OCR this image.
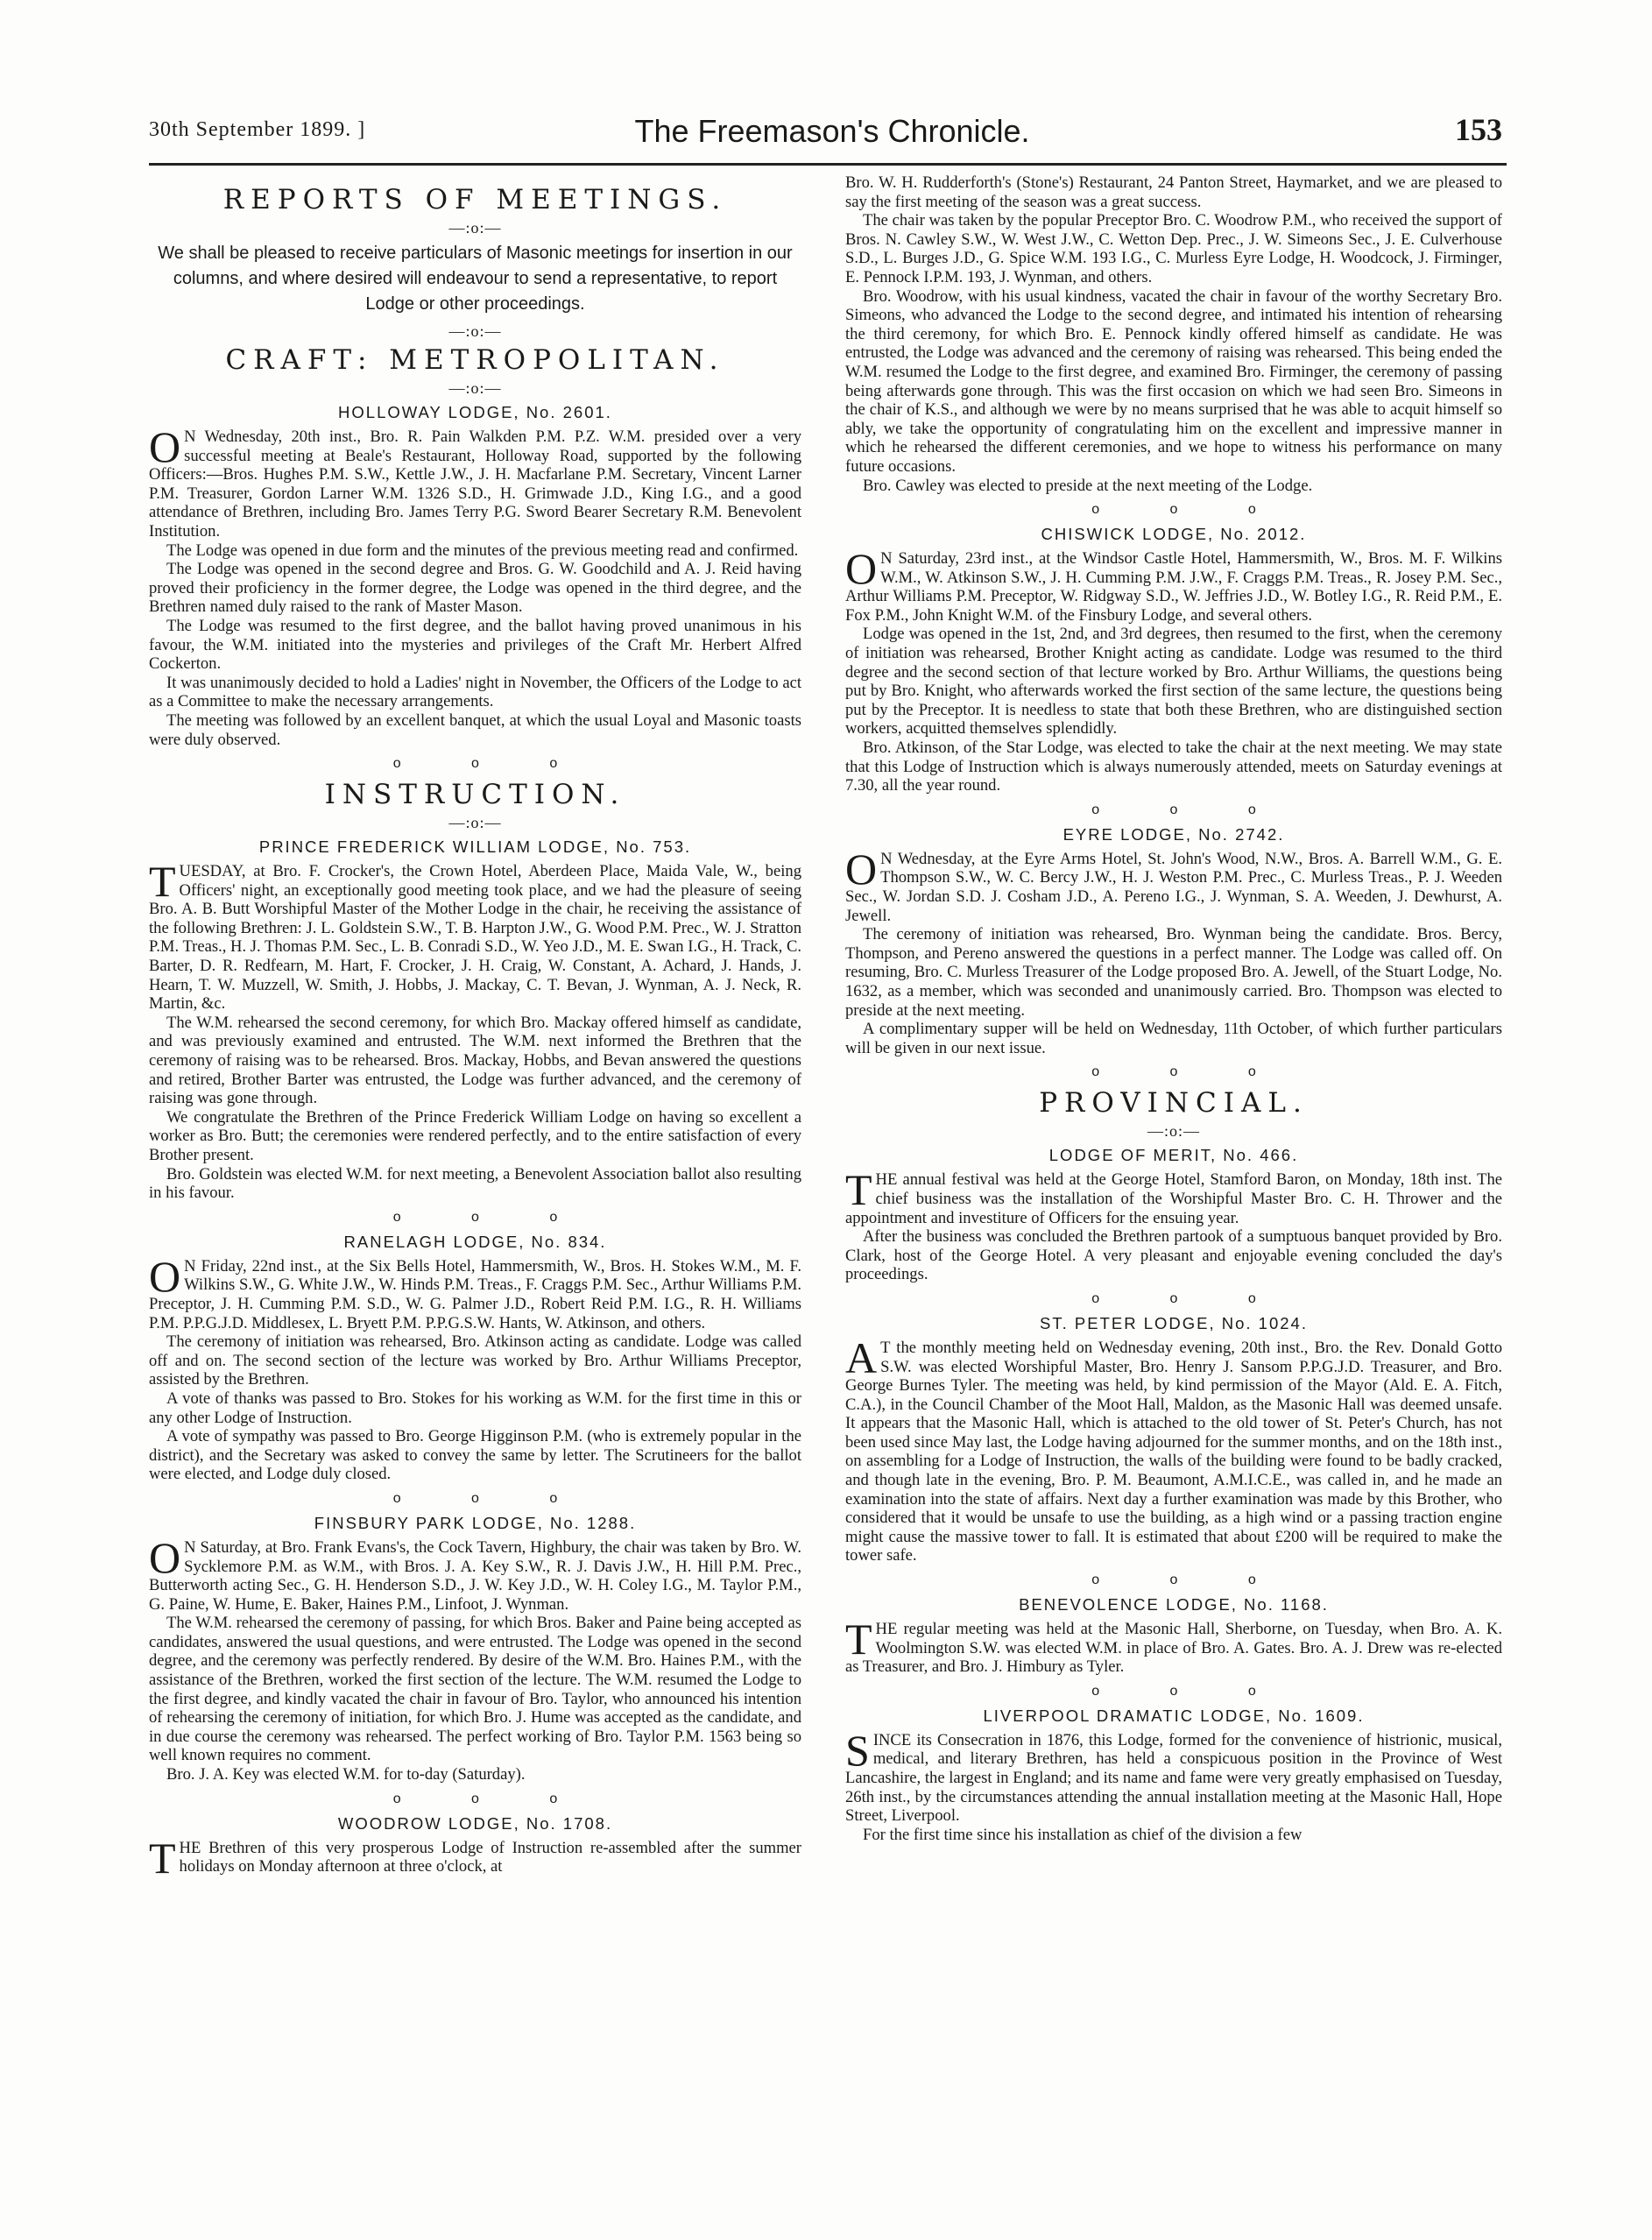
30th September 1899. ]	The Freemason's Chronicle.	153
REPORTS OF MEETINGS.
—:o:—
We shall be pleased to receive particulars of Masonic meetings for insertion in our columns, and where desired will endeavour to send a representative, to report Lodge or other proceedings.
—:o:—
CRAFT: METROPOLITAN.
—:o:—
HOLLOWAY LODGE, No. 2601.

O N Wednesday, 20th inst., Bro. R. Pain Walkden P.M. P.Z. W.M. presided over a very successful meeting at Beale's Restaurant, Holloway Road, supported by the following Officers:—Bros. Hughes P.M. S.W., Kettle J.W., J. H. Macfarlane P.M. Secretary, Vincent Larner P.M. Treasurer, Gordon Larner W.M. 1326 S.D., H. Grimwade J.D., King I.G., and a good attendance of Brethren, including Bro. James Terry P.G. Sword Bearer Secretary R.M. Benevolent Institution.

The Lodge was opened in due form and the minutes of the previous meeting read and confirmed.

The Lodge was opened in the second degree and Bros. G. W. Goodchild and A. J. Reid having proved their proficiency in the former degree, the Lodge was opened in the third degree, and the Brethren named duly raised to the rank of Master Mason.

The Lodge was resumed to the first degree, and the ballot having proved unanimous in his favour, the W.M. initiated into the mysteries and privileges of the Craft Mr. Herbert Alfred Cockerton.

It was unanimously decided to hold a Ladies' night in November, the Officers of the Lodge to act as a Committee to make the necessary arrangements.

The meeting was followed by an excellent banquet, at which the usual Loyal and Masonic toasts were duly observed.

o o o
INSTRUCTION.
—:o:—
PRINCE FREDERICK WILLIAM LODGE, No. 753.

TUESDAY, at Bro. F. Crocker's, the Crown Hotel, Aberdeen Place, Maida Vale, W., being Officers' night, an exceptionally good meeting took place, and we had the pleasure of seeing Bro. A. B. Butt Worshipful Master of the Mother Lodge in the chair, he receiving the assistance of the following Brethren: J. L. Goldstein S.W., T. B. Harpton J.W., G. Wood P.M. Prec., W. J. Stratton P.M. Treas., H. J. Thomas P.M. Sec., L. B. Conradi S.D., W. Yeo J.D., M. E. Swan I.G., H. Track, C. Barter, D. R. Redfearn, M. Hart, F. Crocker, J. H. Craig, W. Constant, A. Achard, J. Hands, J. Hearn, T. W. Muzzell, W. Smith, J. Hobbs, J. Mackay, C. T. Bevan, J. Wynman, A. J. Neck, R. Martin, &c.

The W.M. rehearsed the second ceremony, for which Bro. Mackay offered himself as candidate, and was previously examined and entrusted. The W.M. next informed the Brethren that the ceremony of raising was to be rehearsed. Bros. Mackay, Hobbs, and Bevan answered the questions and retired, Brother Barter was entrusted, the Lodge was further advanced, and the ceremony of raising was gone through.

We congratulate the Brethren of the Prince Frederick William Lodge on having so excellent a worker as Bro. Butt; the ceremonies were rendered perfectly, and to the entire satisfaction of every Brother present.

Bro. Goldstein was elected W.M. for next meeting, a Benevolent Association ballot also resulting in his favour.

o o o
RANELAGH LODGE, No. 834.

O N Friday, 22nd inst., at the Six Bells Hotel, Hammersmith, W., Bros. H. Stokes W.M., M. F. Wilkins S.W., G. White J.W., W. Hinds P.M. Treas., F. Craggs P.M. Sec., Arthur Williams P.M. Preceptor, J. H. Cumming P.M. S.D., W. G. Palmer J.D., Robert Reid P.M. I.G., R. H. Williams P.M. P.P.G.J.D. Middlesex, L. Bryett P.M. P.P.G.S.W. Hants, W. Atkinson, and others.

The ceremony of initiation was rehearsed, Bro. Atkinson acting as candidate. Lodge was called off and on. The second section of the lecture was worked by Bro. Arthur Williams Preceptor, assisted by the Brethren.

A vote of thanks was passed to Bro. Stokes for his working as W.M. for the first time in this or any other Lodge of Instruction.

A vote of sympathy was passed to Bro. George Higginson P.M. (who is extremely popular in the district), and the Secretary was asked to convey the same by letter. The Scrutineers for the ballot were elected, and Lodge duly closed.

o o o
FINSBURY PARK LODGE, No. 1288.

O N Saturday, at Bro. Frank Evans's, the Cock Tavern, Highbury, the chair was taken by Bro. W. Sycklemore P.M. as W.M., with Bros. J. A. Key S.W., R. J. Davis J.W., H. Hill P.M. Prec., Butterworth acting Sec., G. H. Henderson S.D., J. W. Key J.D., W. H. Coley I.G., M. Taylor P.M., G. Paine, W. Hume, E. Baker, Haines P.M., Linfoot, J. Wynman.

The W.M. rehearsed the ceremony of passing, for which Bros. Baker and Paine being accepted as candidates, answered the usual questions, and were entrusted. The Lodge was opened in the second degree, and the ceremony was perfectly rendered. By desire of the W.M. Bro. Haines P.M., with the assistance of the Brethren, worked the first section of the lecture. The W.M. resumed the Lodge to the first degree, and kindly vacated the chair in favour of Bro. Taylor, who announced his intention of rehearsing the ceremony of initiation, for which Bro. J. Hume was accepted as the candidate, and in due course the ceremony was rehearsed. The perfect working of Bro. Taylor P.M. 1563 being so well known requires no comment.

Bro. J. A. Key was elected W.M. for to-day (Saturday).

o o o
WOODROW LODGE, No. 1708.

THE Brethren of this very prosperous Lodge of Instruction re-assembled after the summer holidays on Monday afternoon at three o'clock, at

Bro. W. H. Rudderforth's (Stone's) Restaurant, 24 Panton Street, Haymarket, and we are pleased to say the first meeting of the season was a great success.

The chair was taken by the popular Preceptor Bro. C. Woodrow P.M., who received the support of Bros. N. Cawley S.W., W. West J.W., C. Wetton Dep. Prec., J. W. Simeons Sec., J. E. Culverhouse S.D., L. Burges J.D., G. Spice W.M. 193 I.G., C. Murless Eyre Lodge, H. Woodcock, J. Firminger, E. Pennock I.P.M. 193, J. Wynman, and others.

Bro. Woodrow, with his usual kindness, vacated the chair in favour of the worthy Secretary Bro. Simeons, who advanced the Lodge to the second degree, and intimated his intention of rehearsing the third ceremony, for which Bro. E. Pennock kindly offered himself as candidate. He was entrusted, the Lodge was advanced and the ceremony of raising was rehearsed. This being ended the W.M. resumed the Lodge to the first degree, and examined Bro. Firminger, the ceremony of passing being afterwards gone through. This was the first occasion on which we had seen Bro. Simeons in the chair of K.S., and although we were by no means surprised that he was able to acquit himself so ably, we take the opportunity of congratulating him on the excellent and impressive manner in which he rehearsed the different ceremonies, and we hope to witness his performance on many future occasions.

Bro. Cawley was elected to preside at the next meeting of the Lodge.

o o o
CHISWICK LODGE, No. 2012.

O N Saturday, 23rd inst., at the Windsor Castle Hotel, Hammersmith, W., Bros. M. F. Wilkins W.M., W. Atkinson S.W., J. H. Cumming P.M. J.W., F. Craggs P.M. Treas., R. Josey P.M. Sec., Arthur Williams P.M. Preceptor, W. Ridgway S.D., W. Jeffries J.D., W. Botley I.G., R. Reid P.M., E. Fox P.M., John Knight W.M. of the Finsbury Lodge, and several others.

Lodge was opened in the 1st, 2nd, and 3rd degrees, then resumed to the first, when the ceremony of initiation was rehearsed, Brother Knight acting as candidate. Lodge was resumed to the third degree and the second section of that lecture worked by Bro. Arthur Williams, the questions being put by Bro. Knight, who afterwards worked the first section of the same lecture, the questions being put by the Preceptor. It is needless to state that both these Brethren, who are distinguished section workers, acquitted themselves splendidly.

Bro. Atkinson, of the Star Lodge, was elected to take the chair at the next meeting. We may state that this Lodge of Instruction which is always numerously attended, meets on Saturday evenings at 7.30, all the year round.

o o o
EYRE LODGE, No. 2742.

O N Wednesday, at the Eyre Arms Hotel, St. John's Wood, N.W., Bros. A. Barrell W.M., G. E. Thompson S.W., W. C. Bercy J.W., H. J. Weston P.M. Prec., C. Murless Treas., P. J. Weeden Sec., W. Jordan S.D. J. Cosham J.D., A. Pereno I.G., J. Wynman, S. A. Weeden, J. Dewhurst, A. Jewell.

The ceremony of initiation was rehearsed, Bro. Wynman being the candidate. Bros. Bercy, Thompson, and Pereno answered the questions in a perfect manner. The Lodge was called off. On resuming, Bro. C. Murless Treasurer of the Lodge proposed Bro. A. Jewell, of the Stuart Lodge, No. 1632, as a member, which was seconded and unanimously carried. Bro. Thompson was elected to preside at the next meeting.

A complimentary supper will be held on Wednesday, 11th October, of which further particulars will be given in our next issue.

o o o
PROVINCIAL.
—:o:—
LODGE OF MERIT, No. 466.

THE annual festival was held at the George Hotel, Stamford Baron, on Monday, 18th inst. The chief business was the installation of the Worshipful Master Bro. C. H. Thrower and the appointment and investiture of Officers for the ensuing year.

After the business was concluded the Brethren partook of a sumptuous banquet provided by Bro. Clark, host of the George Hotel. A very pleasant and enjoyable evening concluded the day's proceedings.

o o o
ST. PETER LODGE, No. 1024.

A T the monthly meeting held on Wednesday evening, 20th inst., Bro. the Rev. Donald Gotto S.W. was elected Worshipful Master, Bro. Henry J. Sansom P.P.G.J.D. Treasurer, and Bro. George Burnes Tyler. The meeting was held, by kind permission of the Mayor (Ald. E. A. Fitch, C.A.), in the Council Chamber of the Moot Hall, Maldon, as the Masonic Hall was deemed unsafe. It appears that the Masonic Hall, which is attached to the old tower of St. Peter's Church, has not been used since May last, the Lodge having adjourned for the summer months, and on the 18th inst., on assembling for a Lodge of Instruction, the walls of the building were found to be badly cracked, and though late in the evening, Bro. P. M. Beaumont, A.M.I.C.E., was called in, and he made an examination into the state of affairs. Next day a further examination was made by this Brother, who considered that it would be unsafe to use the building, as a high wind or a passing traction engine might cause the massive tower to fall. It is estimated that about £200 will be required to make the tower safe.

o o o
BENEVOLENCE LODGE, No. 1168.

THE regular meeting was held at the Masonic Hall, Sherborne, on Tuesday, when Bro. A. K. Woolmington S.W. was elected W.M. in place of Bro. A. Gates. Bro. A. J. Drew was re-elected as Treasurer, and Bro. J. Himbury as Tyler.

o o o
LIVERPOOL DRAMATIC LODGE, No. 1609.

SINCE its Consecration in 1876, this Lodge, formed for the convenience of histrionic, musical, medical, and literary Brethren, has held a conspicuous position in the Province of West Lancashire, the largest in England; and its name and fame were very greatly emphasised on Tuesday, 26th inst., by the circumstances attending the annual installation meeting at the Masonic Hall, Hope Street, Liverpool.

For the first time since his installation as chief of the division a few
